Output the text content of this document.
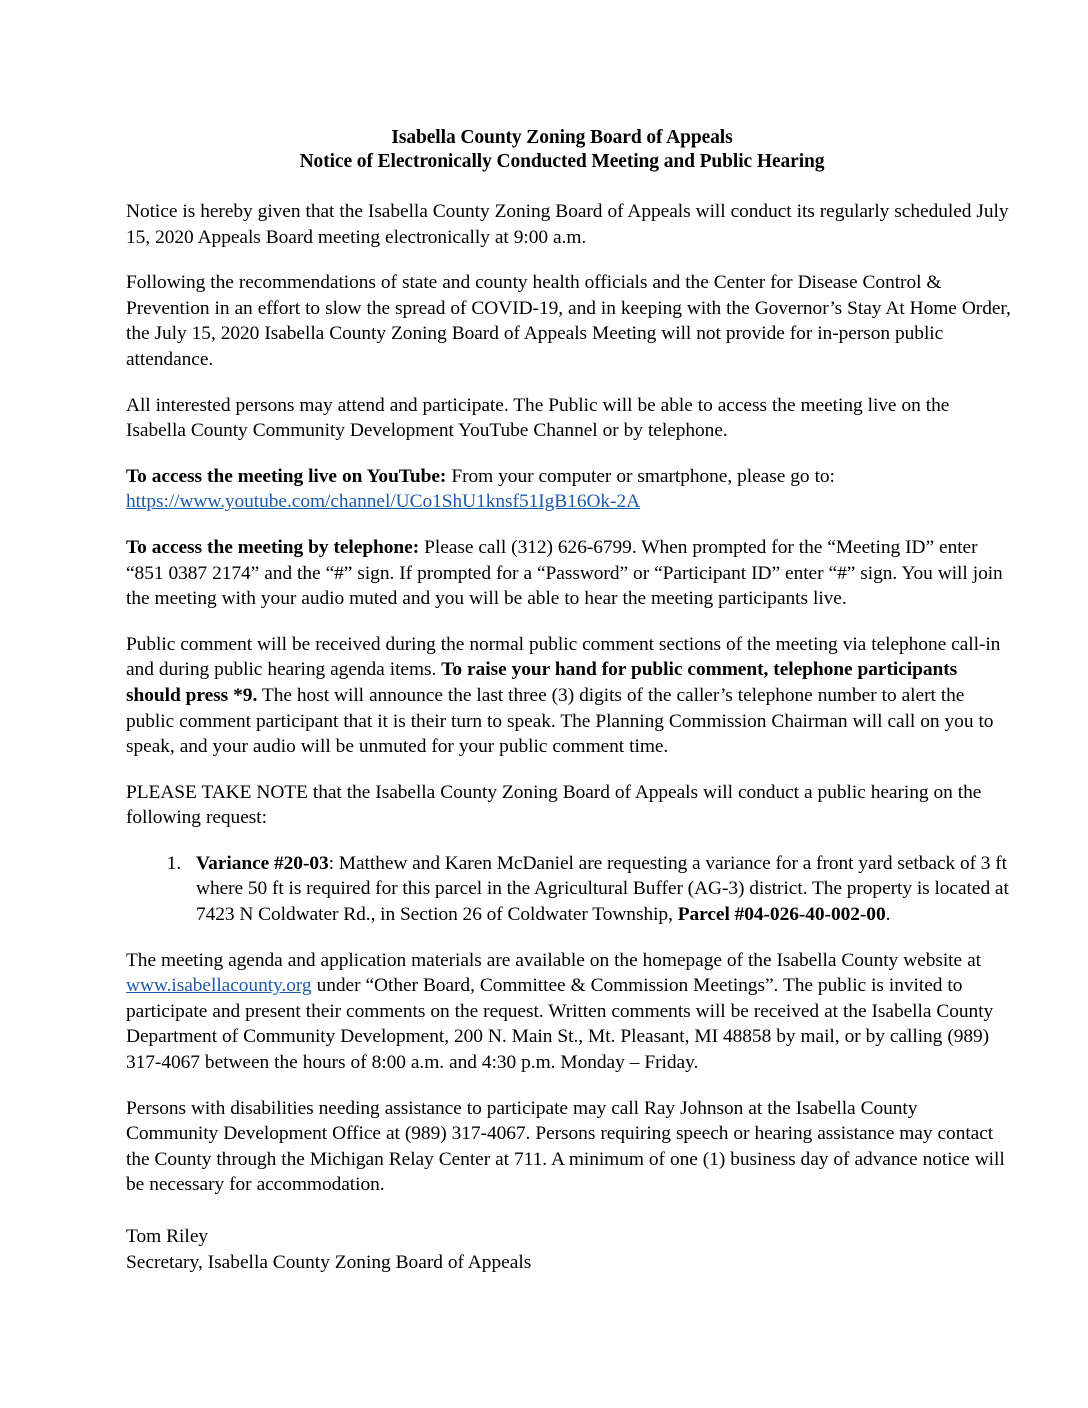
Isabella County Zoning Board of Appeals
Notice of Electronically Conducted Meeting and Public Hearing

Notice is hereby given that the Isabella County Zoning Board of Appeals will conduct its regularly scheduled July 15, 2020 Appeals Board meeting electronically at 9:00 a.m.

Following the recommendations of state and county health officials and the Center for Disease Control & Prevention in an effort to slow the spread of COVID-19, and in keeping with the Governor’s Stay At Home Order, the July 15, 2020 Isabella County Zoning Board of Appeals Meeting will not provide for in-person public attendance.

All interested persons may attend and participate. The Public will be able to access the meeting live on the Isabella County Community Development YouTube Channel or by telephone.

To access the meeting live on YouTube: From your computer or smartphone, please go to:
https://www.youtube.com/channel/UCo1ShU1knsf51IgB16Ok-2A

To access the meeting by telephone: Please call (312) 626-6799. When prompted for the “Meeting ID” enter “851 0387 2174” and the “#” sign. If prompted for a “Password” or “Participant ID” enter “#” sign. You will join the meeting with your audio muted and you will be able to hear the meeting participants live.

Public comment will be received during the normal public comment sections of the meeting via telephone call-in and during public hearing agenda items. To raise your hand for public comment, telephone participants should press *9. The host will announce the last three (3) digits of the caller’s telephone number to alert the public comment participant that it is their turn to speak. The Planning Commission Chairman will call on you to speak, and your audio will be unmuted for your public comment time.

PLEASE TAKE NOTE that the Isabella County Zoning Board of Appeals will conduct a public hearing on the following request:

1. Variance #20-03: Matthew and Karen McDaniel are requesting a variance for a front yard setback of 3 ft where 50 ft is required for this parcel in the Agricultural Buffer (AG-3) district. The property is located at 7423 N Coldwater Rd., in Section 26 of Coldwater Township, Parcel #04-026-40-002-00.

The meeting agenda and application materials are available on the homepage of the Isabella County website at www.isabellacounty.org under “Other Board, Committee & Commission Meetings”. The public is invited to participate and present their comments on the request. Written comments will be received at the Isabella County Department of Community Development, 200 N. Main St., Mt. Pleasant, MI 48858 by mail, or by calling (989) 317-4067 between the hours of 8:00 a.m. and 4:30 p.m. Monday – Friday.

Persons with disabilities needing assistance to participate may call Ray Johnson at the Isabella County Community Development Office at (989) 317-4067. Persons requiring speech or hearing assistance may contact the County through the Michigan Relay Center at 711. A minimum of one (1) business day of advance notice will be necessary for accommodation.

Tom Riley
Secretary, Isabella County Zoning Board of Appeals
